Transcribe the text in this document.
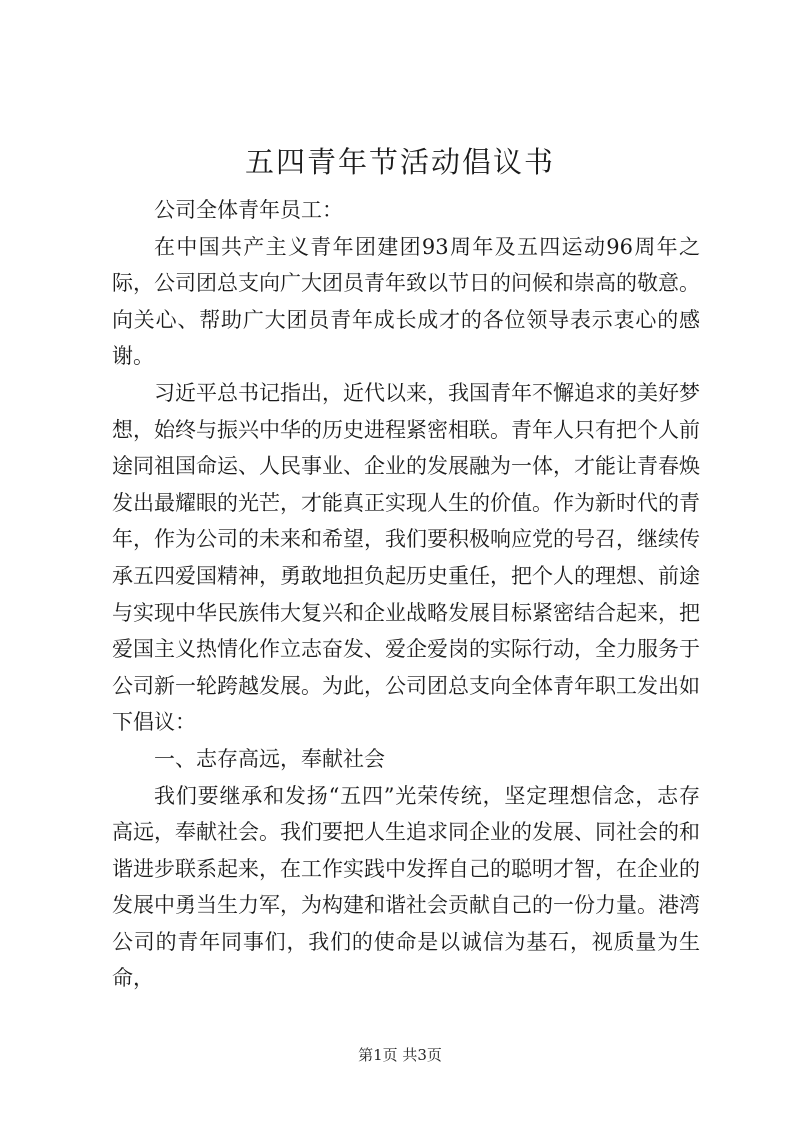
五四青年节活动倡议书

公司全体青年员工：

在中国共产主义青年团建团93周年及五四运动96周年之际，公司团总支向广大团员青年致以节日的问候和崇高的敬意。向关心、帮助广大团员青年成长成才的各位领导表示衷心的感谢。

习近平总书记指出，近代以来，我国青年不懈追求的美好梦想，始终与振兴中华的历史进程紧密相联。青年人只有把个人前途同祖国命运、人民事业、企业的发展融为一体，才能让青春焕发出最耀眼的光芒，才能真正实现人生的价值。作为新时代的青年，作为公司的未来和希望，我们要积极响应党的号召，继续传承五四爱国精神，勇敢地担负起历史重任，把个人的理想、前途与实现中华民族伟大复兴和企业战略发展目标紧密结合起来，把爱国主义热情化作立志奋发、爱企爱岗的实际行动，全力服务于公司新一轮跨越发展。为此，公司团总支向全体青年职工发出如下倡议：

一、志存高远，奉献社会

我们要继承和发扬“五四”光荣传统，坚定理想信念，志存高远，奉献社会。我们要把人生追求同企业的发展、同社会的和谐进步联系起来，在工作实践中发挥自己的聪明才智，在企业的发展中勇当生力军，为构建和谐社会贡献自己的一份力量。港湾公司的青年同事们，我们的使命是以诚信为基石，视质量为生命，

第1页 共3页
